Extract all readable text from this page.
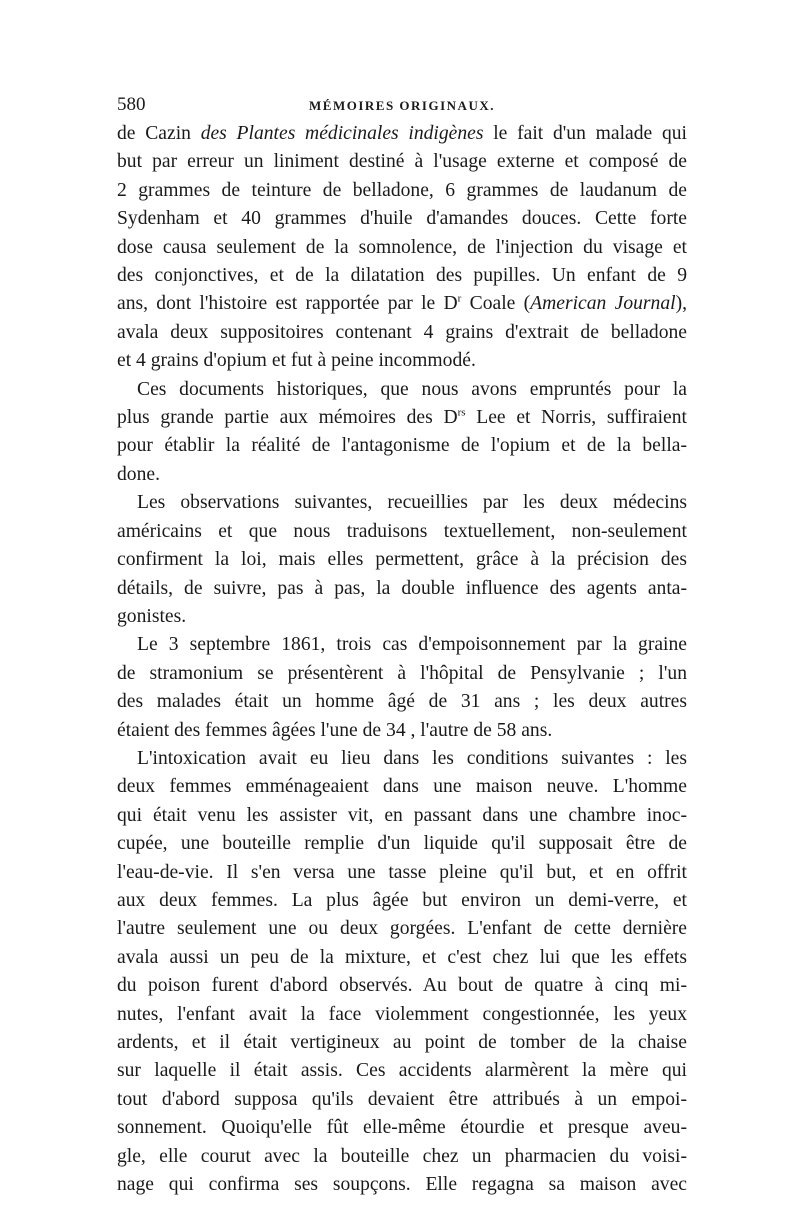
580	MÉMOIRES ORIGINAUX.
de Cazin des Plantes médicinales indigènes le fait d'un malade qui
but par erreur un liniment destiné à l'usage externe et composé de
2 grammes de teinture de belladone, 6 grammes de laudanum de
Sydenham et 40 grammes d'huile d'amandes douces. Cette forte
dose causa seulement de la somnolence, de l'injection du visage et
des conjonctives, et de la dilatation des pupilles. Un enfant de 9
ans, dont l'histoire est rapportée par le $D^r$ Coale (American Journal),
avala deux suppositoires contenant 4 grains d'extrait de belladone
et 4 grains d'opium et fut à peine incommodé.
Ces documents historiques, que nous avons empruntés pour la
plus grande partie aux mémoires des $D^{rs}$ Lee et Norris, suffiraient
pour établir la réalité de l'antagonisme de l'opium et de la bella-
done.
Les observations suivantes, recueillies par les deux médecins
américains et que nous traduisons textuellement, non-seulement
confirment la loi, mais elles permettent, grâce à la précision des
détails, de suivre, pas à pas, la double influence des agents anta-
gonistes.
Le 3 septembre 1861, trois cas d'empoisonnement par la graine
de stramonium se présentèrent à l'hôpital de Pensylvanie ; l'un
des malades était un homme âgé de 31 ans ; les deux autres
étaient des femmes âgées l'une de 34 , l'autre de 58 ans.
L'intoxication avait eu lieu dans les conditions suivantes : les
deux femmes emménageaient dans une maison neuve. L'homme
qui était venu les assister vit, en passant dans une chambre inoc-
cupée, une bouteille remplie d'un liquide qu'il supposait être de
l'eau-de-vie. Il s'en versa une tasse pleine qu'il but, et en offrit
aux deux femmes. La plus âgée but environ un demi-verre, et
l'autre seulement une ou deux gorgées. L'enfant de cette dernière
avala aussi un peu de la mixture, et c'est chez lui que les effets
du poison furent d'abord observés. Au bout de quatre à cinq mi-
nutes, l'enfant avait la face violemment congestionnée, les yeux
ardents, et il était vertigineux au point de tomber de la chaise
sur laquelle il était assis. Ces accidents alarmèrent la mère qui
tout d'abord supposa qu'ils devaient être attribués à un empoi-
sonnement. Quoiqu'elle fût elle-même étourdie et presque aveu-
gle, elle courut avec la bouteille chez un pharmacien du voisi-
nage qui confirma ses soupçons. Elle regagna sa maison avec
